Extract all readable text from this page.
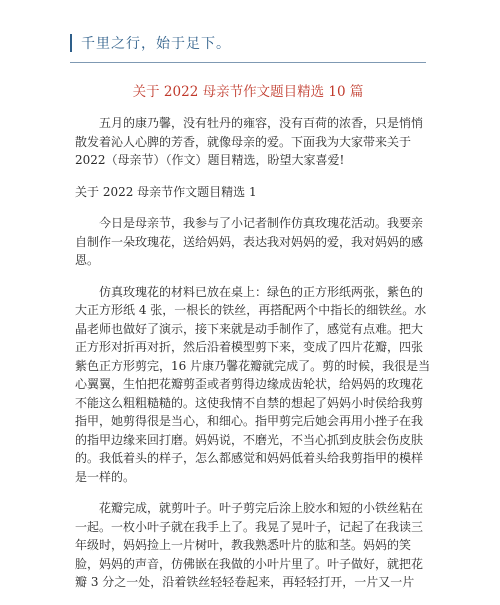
千里之行，始于足下。
关于 2022 母亲节作文题目精选 10 篇

五月的康乃馨，没有牡丹的雍容，没有百荷的浓香，只是悄悄
散发着沁人心脾的芳香，就像母亲的爱。下面我为大家带来关于
2022（母亲节）（作文）题目精选，盼望大家喜爱!

关于 2022 母亲节作文题目精选 1

今日是母亲节，我参与了小记者制作仿真玫瑰花活动。我要亲
自制作一朵玫瑰花，送给妈妈，表达我对妈妈的爱，我对妈妈的感
恩。

仿真玫瑰花的材料已放在桌上：绿色的正方形纸两张，紫色的
大正方形纸 4 张，一根长的铁丝，再搭配两个中指长的细铁丝。水
晶老师也做好了演示，接下来就是动手制作了，感觉有点难。把大
正方形对折再对折，然后沿着模型剪下来，变成了四片花瓣，四张
紫色正方形剪完，16 片康乃馨花瓣就完成了。剪的时候，我很是当
心翼翼，生怕把花瓣剪歪或者剪得边缘成齿轮状，给妈妈的玫瑰花
不能这么粗粗糙糙的。这使我情不自禁的想起了妈妈小时侯给我剪
指甲，她剪得很是当心，和细心。指甲剪完后她会再用小挫子在我
的指甲边缘来回打磨。妈妈说，不磨光，不当心抓到皮肤会伤皮肤
的。我低着头的样子，怎么都感觉和妈妈低着头给我剪指甲的模样
是一样的。

花瓣完成，就剪叶子。叶子剪完后涂上胶水和短的小铁丝粘在
一起。一枚小叶子就在我手上了。我晃了晃叶子，记起了在我读三
年级时，妈妈捡上一片树叶，教我熟悉叶片的肱和茎。妈妈的笑
脸，妈妈的声音，仿佛嵌在我做的小叶片里了。叶子做好，就把花
瓣 3 分之一处，沿着铁丝轻轻卷起来，再轻轻打开，一片又一片
